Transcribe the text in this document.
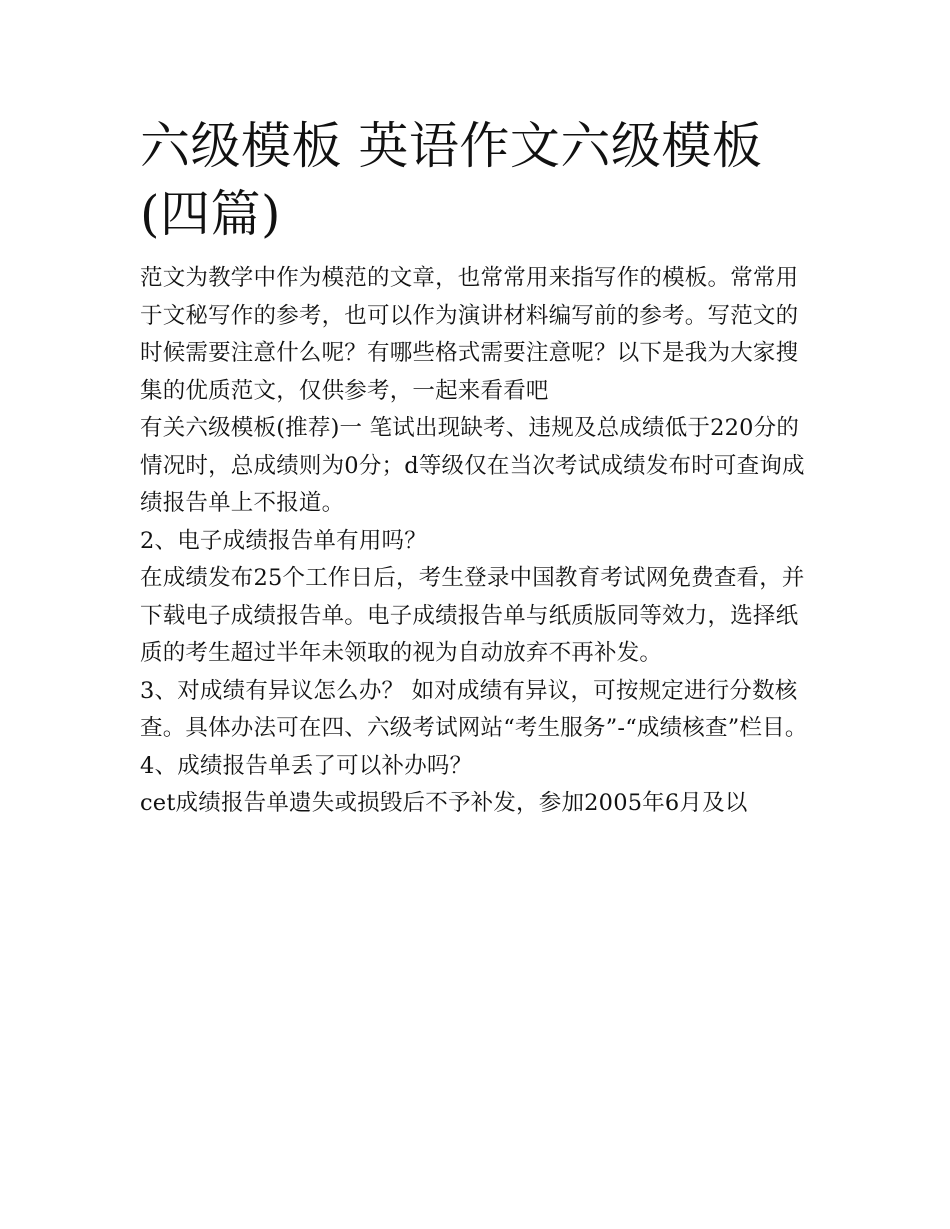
六级模板 英语作文六级模板(四篇)

范文为教学中作为模范的文章，也常常用来指写作的模板。常常用于文秘写作的参考，也可以作为演讲材料编写前的参考。写范文的时候需要注意什么呢？有哪些格式需要注意呢？以下是我为大家搜集的优质范文，仅供参考，一起来看看吧

有关六级模板(推荐)一 笔试出现缺考、违规及总成绩低于220分的情况时，总成绩则为0分；d等级仅在当次考试成绩发布时可查询成绩报告单上不报道。

2、电子成绩报告单有用吗？

在成绩发布25个工作日后，考生登录中国教育考试网免费查看，并下载电子成绩报告单。电子成绩报告单与纸质版同等效力，选择纸质的考生超过半年未领取的视为自动放弃不再补发。

3、对成绩有异议怎么办？ 如对成绩有异议，可按规定进行分数核查。具体办法可在四、六级考试网站“考生服务”-“成绩核查”栏目。 4、成绩报告单丢了可以补办吗？

cet成绩报告单遗失或损毁后不予补发，参加2005年6月及以
